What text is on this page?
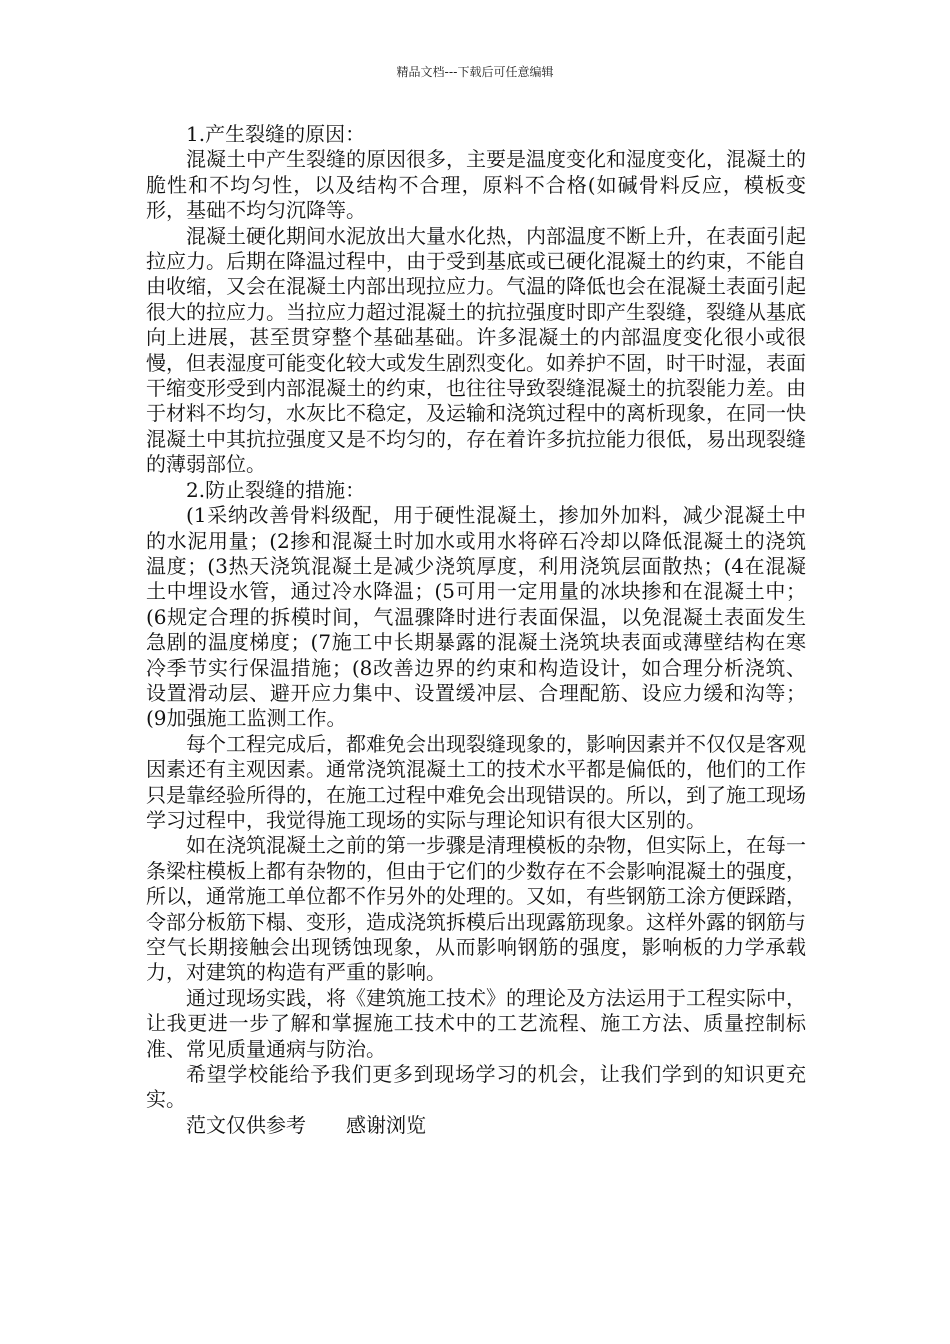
精品文档---下载后可任意编辑

1.产生裂缝的原因：

混凝土中产生裂缝的原因很多，主要是温度变化和湿度变化，混凝土的脆性和不均匀性，以及结构不合理，原料不合格(如碱骨料反应，模板变形，基础不均匀沉降等。

混凝土硬化期间水泥放出大量水化热，内部温度不断上升，在表面引起拉应力。后期在降温过程中，由于受到基底或已硬化混凝土的约束，不能自由收缩，又会在混凝土内部出现拉应力。气温的降低也会在混凝土表面引起很大的拉应力。当拉应力超过混凝土的抗拉强度时即产生裂缝，裂缝从基底向上进展，甚至贯穿整个基础基础。许多混凝土的内部温度变化很小或很慢，但表湿度可能变化较大或发生剧烈变化。如养护不固，时干时湿，表面干缩变形受到内部混凝土的约束，也往往导致裂缝混凝土的抗裂能力差。由于材料不均匀，水灰比不稳定，及运输和浇筑过程中的离析现象，在同一快混凝土中其抗拉强度又是不均匀的，存在着许多抗拉能力很低，易出现裂缝的薄弱部位。

2.防止裂缝的措施：

(1采纳改善骨料级配，用于硬性混凝土，掺加外加料，减少混凝土中的水泥用量；(2掺和混凝土时加水或用水将碎石冷却以降低混凝土的浇筑温度；(3热天浇筑混凝土是减少浇筑厚度，利用浇筑层面散热；(4在混凝土中埋设水管，通过冷水降温；(5可用一定用量的冰块掺和在混凝土中；(6规定合理的拆模时间，气温骤降时进行表面保温，以免混凝土表面发生急剧的温度梯度；(7施工中长期暴露的混凝土浇筑块表面或薄壁结构在寒冷季节实行保温措施；(8改善边界的约束和构造设计，如合理分析浇筑、设置滑动层、避开应力集中、设置缓冲层、合理配筋、设应力缓和沟等；(9加强施工监测工作。

每个工程完成后，都难免会出现裂缝现象的，影响因素并不仅仅是客观因素还有主观因素。通常浇筑混凝土工的技术水平都是偏低的，他们的工作只是靠经验所得的，在施工过程中难免会出现错误的。所以，到了施工现场学习过程中，我觉得施工现场的实际与理论知识有很大区别的。

如在浇筑混凝土之前的第一步骤是清理模板的杂物，但实际上，在每一条梁柱模板上都有杂物的，但由于它们的少数存在不会影响混凝土的强度，所以，通常施工单位都不作另外的处理的。又如，有些钢筋工涂方便踩踏，令部分板筋下榻、变形，造成浇筑拆模后出现露筋现象。这样外露的钢筋与空气长期接触会出现锈蚀现象，从而影响钢筋的强度，影响板的力学承载力，对建筑的构造有严重的影响。

通过现场实践，将《建筑施工技术》的理论及方法运用于工程实际中，让我更进一步了解和掌握施工技术中的工艺流程、施工方法、质量控制标准、常见质量通病与防治。

希望学校能给予我们更多到现场学习的机会，让我们学到的知识更充实。

范文仅供参考　　感谢浏览
